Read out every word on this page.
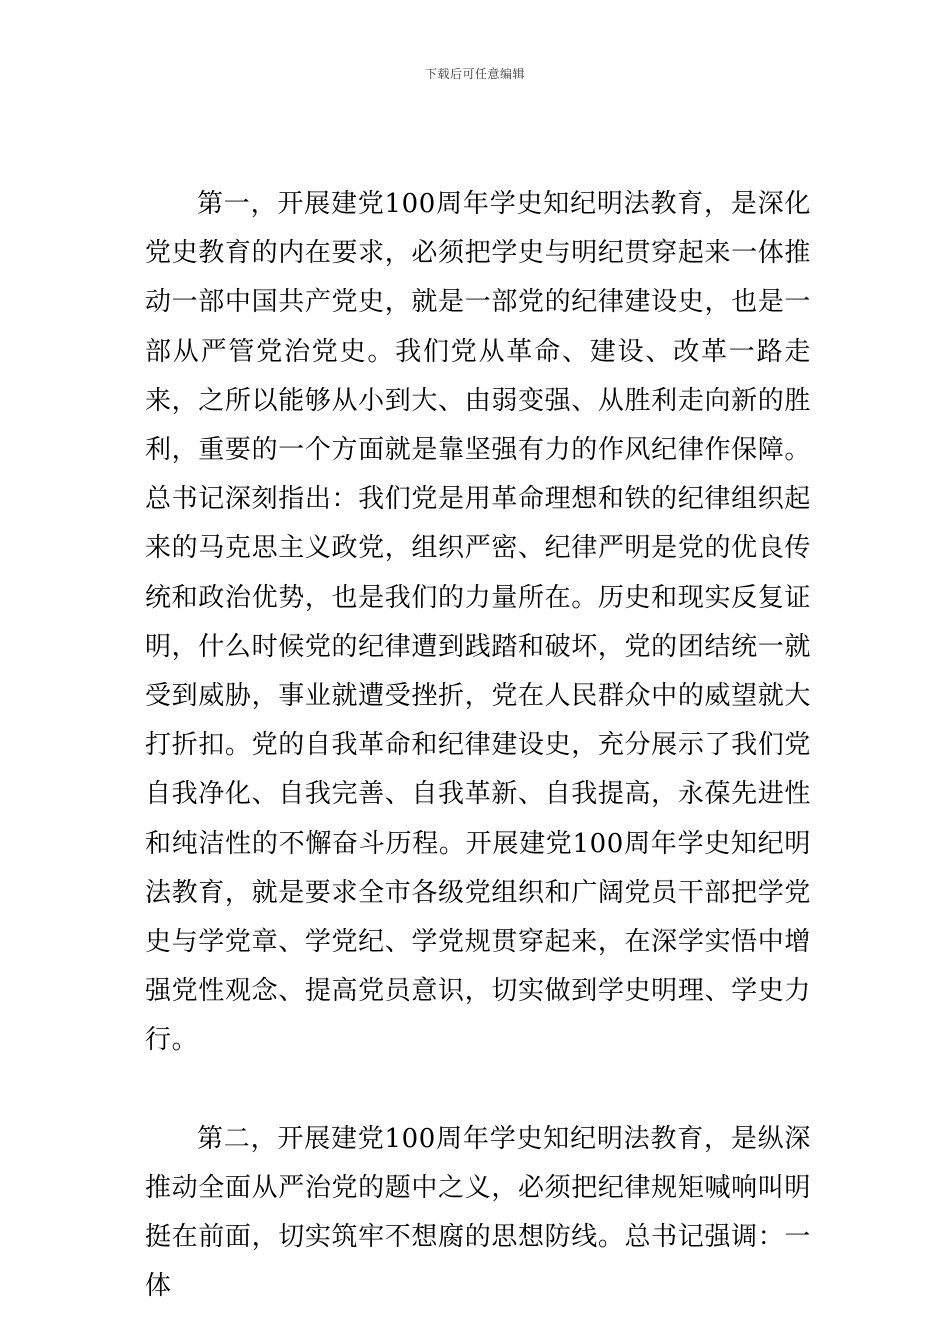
下载后可任意编辑

第一，开展建党100周年学史知纪明法教育，是深化党史教育的内在要求，必须把学史与明纪贯穿起来一体推动一部中国共产党史，就是一部党的纪律建设史，也是一部从严管党治党史。我们党从革命、建设、改革一路走来，之所以能够从小到大、由弱变强、从胜利走向新的胜利，重要的一个方面就是靠坚强有力的作风纪律作保障。总书记深刻指出：我们党是用革命理想和铁的纪律组织起来的马克思主义政党，组织严密、纪律严明是党的优良传统和政治优势，也是我们的力量所在。历史和现实反复证明，什么时候党的纪律遭到践踏和破坏，党的团结统一就受到威胁，事业就遭受挫折，党在人民群众中的威望就大打折扣。党的自我革命和纪律建设史，充分展示了我们党自我净化、自我完善、自我革新、自我提高，永葆先进性和纯洁性的不懈奋斗历程。开展建党100周年学史知纪明法教育，就是要求全市各级党组织和广阔党员干部把学党史与学党章、学党纪、学党规贯穿起来，在深学实悟中增强党性观念、提高党员意识，切实做到学史明理、学史力行。

第二，开展建党100周年学史知纪明法教育，是纵深推动全面从严治党的题中之义，必须把纪律规矩喊响叫明挺在前面，切实筑牢不想腐的思想防线。总书记强调：一体
